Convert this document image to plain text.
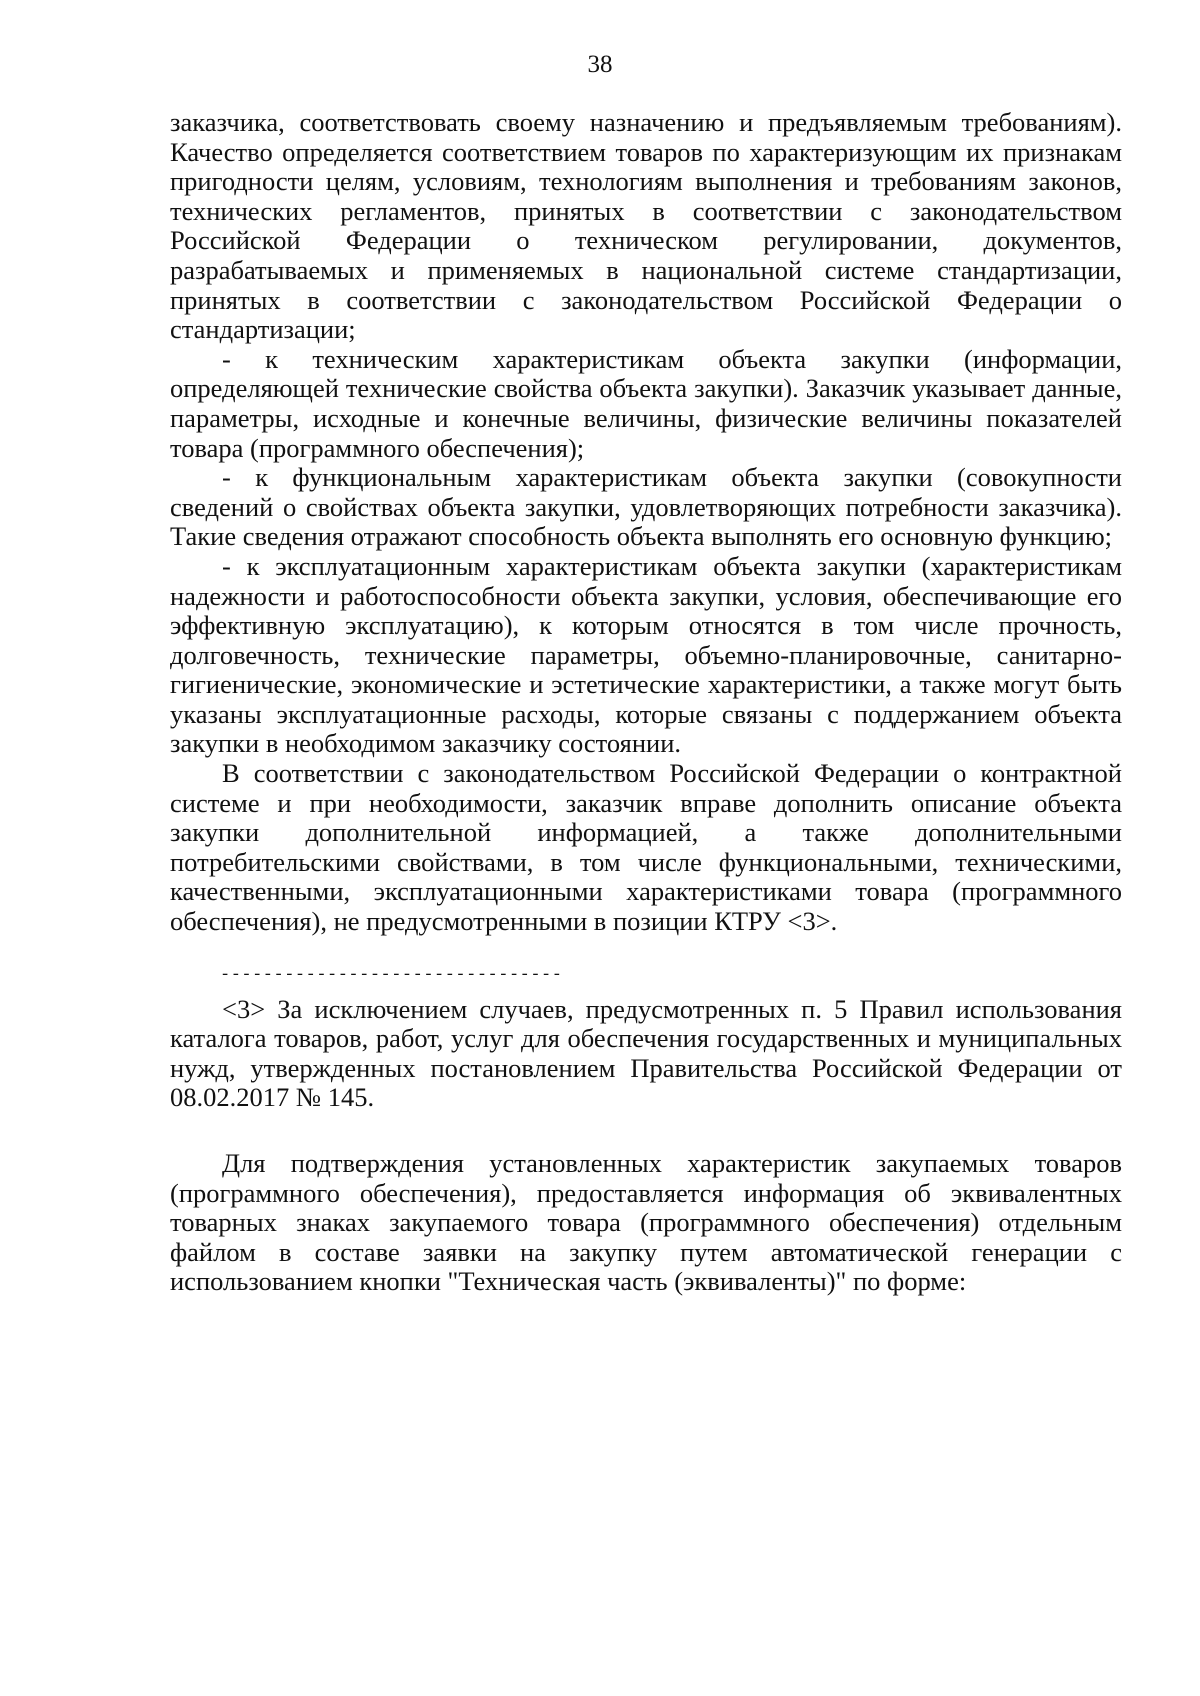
38

заказчика, соответствовать своему назначению и предъявляемым требованиям). Качество определяется соответствием товаров по характеризующим их признакам пригодности целям, условиям, технологиям выполнения и требованиям законов, технических регламентов, принятых в соответствии с законодательством Российской Федерации о техническом регулировании, документов, разрабатываемых и применяемых в национальной системе стандартизации, принятых в соответствии с законодательством Российской Федерации о стандартизации;

- к техническим характеристикам объекта закупки (информации, определяющей технические свойства объекта закупки). Заказчик указывает данные, параметры, исходные и конечные величины, физические величины показателей товара (программного обеспечения);

- к функциональным характеристикам объекта закупки (совокупности сведений о свойствах объекта закупки, удовлетворяющих потребности заказчика). Такие сведения отражают способность объекта выполнять его основную функцию;

- к эксплуатационным характеристикам объекта закупки (характеристикам надежности и работоспособности объекта закупки, условия, обеспечивающие его эффективную эксплуатацию), к которым относятся в том числе прочность, долговечность, технические параметры, объемно-планировочные, санитарно-гигиенические, экономические и эстетические характеристики, а также могут быть указаны эксплуатационные расходы, которые связаны с поддержанием объекта закупки в необходимом заказчику состоянии.

В соответствии с законодательством Российской Федерации о контрактной системе и при необходимости, заказчик вправе дополнить описание объекта закупки дополнительной информацией, а также дополнительными потребительскими свойствами, в том числе функциональными, техническими, качественными, эксплуатационными характеристиками товара (программного обеспечения), не предусмотренными в позиции КТРУ <3>.

--------------------------------

<3> За исключением случаев, предусмотренных п. 5 Правил использования каталога товаров, работ, услуг для обеспечения государственных и муниципальных нужд, утвержденных постановлением Правительства Российской Федерации от 08.02.2017 № 145.

Для подтверждения установленных характеристик закупаемых товаров (программного обеспечения), предоставляется информация об эквивалентных товарных знаках закупаемого товара (программного обеспечения) отдельным файлом в составе заявки на закупку путем автоматической генерации с использованием кнопки "Техническая часть (эквиваленты)" по форме:
